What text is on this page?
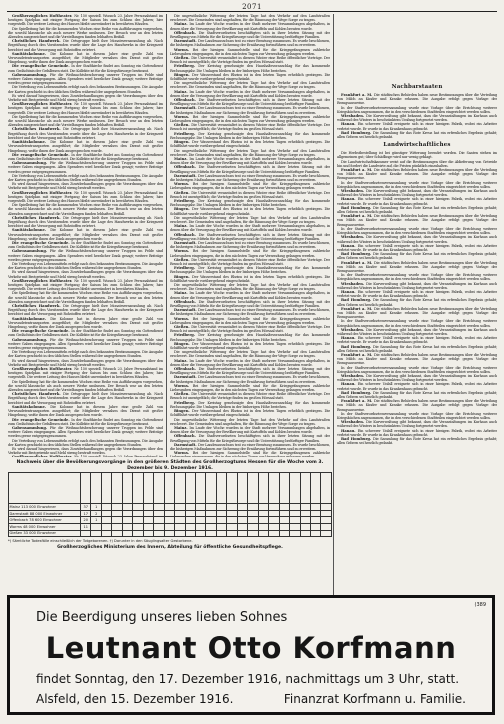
2071
Großherzogliches Hoftheater. Nr. 150 speziell. Wunsch 23. Jahre Personalstand im heutigen Spielplan mit einiger Fortgang der Saison bis zum Schluss des Jahres; hier vorgestellt. Die weitere Leitung des Hauses bleibt unverändert in bewährten Händen.
Die Spielleitung hat für die kommenden Wochen eine Reihe von Aufführungen vorgesehen, die sowohl klassische als auch neuere Werke umfassen. Der Besuch war an den letzten Abenden ausgezeichnet und die Vorstellungen fanden lebhaften Beifall.
Christliches Handwerk. Die Ortsgruppe hielt ihre Monatsversammlung ab. Nach Begrüßung durch den Vorsitzenden wurde über die Lage des Handwerks in der Kriegszeit berichtet und die Versorgung mit Rohstoffen erörtert.
Sanitätskolonne. Die Kolonne hat in diesem Jahre eine große Zahl von Verwundetentransporten ausgeführt; die Mitglieder versahen den Dienst mit großer Hingebung, wofür ihnen der Dank ausgesprochen wurde.
Die evangelische Gemeinde. In der Stadtkirche findet am Sonntag ein Gottesdienst zum Gedächtnis der Gefallenen statt. Die Kollekte ist für die Kriegsfürsorge bestimmt.
Gabensammlung. Für die Weihnachtsbescherung unserer Truppen im Felde sind weitere Gaben eingegangen. Allen Spendern wird herzlicher Dank gesagt; weitere Beiträge werden gerne entgegengenommen.
Die Verteilung von Lebensmitteln erfolgt nach den bekannten Bestimmungen. Die Ausgabe der Karten geschieht in den üblichen Stellen während der angegebenen Stunden.
Es wird darauf hingewiesen, dass Zuwiderhandlungen gegen die Verordnungen über den Verkehr mit Brotgetreide und Mehl streng bestraft werden.
Großherzogliches Hoftheater. Nr. 150 speziell. Wunsch 23. Jahre Personalstand im heutigen Spielplan mit einiger Fortgang der Saison bis zum Schluss des Jahres; hier vorgestellt. Die weitere Leitung des Hauses bleibt unverändert in bewährten Händen.
Die Spielleitung hat für die kommenden Wochen eine Reihe von Aufführungen vorgesehen, die sowohl klassische als auch neuere Werke umfassen. Der Besuch war an den letzten Abenden ausgezeichnet und die Vorstellungen fanden lebhaften Beifall.
Christliches Handwerk. Die Ortsgruppe hielt ihre Monatsversammlung ab. Nach Begrüßung durch den Vorsitzenden wurde über die Lage des Handwerks in der Kriegszeit berichtet und die Versorgung mit Rohstoffen erörtert.
Sanitätskolonne. Die Kolonne hat in diesem Jahre eine große Zahl von Verwundetentransporten ausgeführt; die Mitglieder versahen den Dienst mit großer Hingebung, wofür ihnen der Dank ausgesprochen wurde.
Die evangelische Gemeinde. In der Stadtkirche findet am Sonntag ein Gottesdienst zum Gedächtnis der Gefallenen statt. Die Kollekte ist für die Kriegsfürsorge bestimmt.
Gabensammlung. Für die Weihnachtsbescherung unserer Truppen im Felde sind weitere Gaben eingegangen. Allen Spendern wird herzlicher Dank gesagt; weitere Beiträge werden gerne entgegengenommen.
Die Verteilung von Lebensmitteln erfolgt nach den bekannten Bestimmungen. Die Ausgabe der Karten geschieht in den üblichen Stellen während der angegebenen Stunden.
Es wird darauf hingewiesen, dass Zuwiderhandlungen gegen die Verordnungen über den Verkehr mit Brotgetreide und Mehl streng bestraft werden.
Großherzogliches Hoftheater. Nr. 150 speziell. Wunsch 23. Jahre Personalstand im heutigen Spielplan mit einiger Fortgang der Saison bis zum Schluss des Jahres; hier vorgestellt. Die weitere Leitung des Hauses bleibt unverändert in bewährten Händen.
Die Spielleitung hat für die kommenden Wochen eine Reihe von Aufführungen vorgesehen, die sowohl klassische als auch neuere Werke umfassen. Der Besuch war an den letzten Abenden ausgezeichnet und die Vorstellungen fanden lebhaften Beifall.
Christliches Handwerk. Die Ortsgruppe hielt ihre Monatsversammlung ab. Nach Begrüßung durch den Vorsitzenden wurde über die Lage des Handwerks in der Kriegszeit berichtet und die Versorgung mit Rohstoffen erörtert.
Sanitätskolonne. Die Kolonne hat in diesem Jahre eine große Zahl von Verwundetentransporten ausgeführt; die Mitglieder versahen den Dienst mit großer Hingebung, wofür ihnen der Dank ausgesprochen wurde.
Die evangelische Gemeinde. In der Stadtkirche findet am Sonntag ein Gottesdienst zum Gedächtnis der Gefallenen statt. Die Kollekte ist für die Kriegsfürsorge bestimmt.
Gabensammlung. Für die Weihnachtsbescherung unserer Truppen im Felde sind weitere Gaben eingegangen. Allen Spendern wird herzlicher Dank gesagt; weitere Beiträge werden gerne entgegengenommen.
Die Verteilung von Lebensmitteln erfolgt nach den bekannten Bestimmungen. Die Ausgabe der Karten geschieht in den üblichen Stellen während der angegebenen Stunden.
Es wird darauf hingewiesen, dass Zuwiderhandlungen gegen die Verordnungen über den Verkehr mit Brotgetreide und Mehl streng bestraft werden.
Großherzogliches Hoftheater. Nr. 150 speziell. Wunsch 23. Jahre Personalstand im heutigen Spielplan mit einiger Fortgang der Saison bis zum Schluss des Jahres; hier vorgestellt. Die weitere Leitung des Hauses bleibt unverändert in bewährten Händen.
Die Spielleitung hat für die kommenden Wochen eine Reihe von Aufführungen vorgesehen, die sowohl klassische als auch neuere Werke umfassen. Der Besuch war an den letzten Abenden ausgezeichnet und die Vorstellungen fanden lebhaften Beifall.
Christliches Handwerk. Die Ortsgruppe hielt ihre Monatsversammlung ab. Nach Begrüßung durch den Vorsitzenden wurde über die Lage des Handwerks in der Kriegszeit berichtet und die Versorgung mit Rohstoffen erörtert.
Sanitätskolonne. Die Kolonne hat in diesem Jahre eine große Zahl von Verwundetentransporten ausgeführt; die Mitglieder versahen den Dienst mit großer Hingebung, wofür ihnen der Dank ausgesprochen wurde.
Die evangelische Gemeinde. In der Stadtkirche findet am Sonntag ein Gottesdienst zum Gedächtnis der Gefallenen statt. Die Kollekte ist für die Kriegsfürsorge bestimmt.
Gabensammlung. Für die Weihnachtsbescherung unserer Truppen im Felde sind weitere Gaben eingegangen. Allen Spendern wird herzlicher Dank gesagt; weitere Beiträge werden gerne entgegengenommen.
Die Verteilung von Lebensmitteln erfolgt nach den bekannten Bestimmungen. Die Ausgabe der Karten geschieht in den üblichen Stellen während der angegebenen Stunden.
Es wird darauf hingewiesen, dass Zuwiderhandlungen gegen die Verordnungen über den Verkehr mit Brotgetreide und Mehl streng bestraft werden.
Großherzogliches Hoftheater. Nr. 150 speziell. Wunsch 23. Jahre Personalstand im heutigen Spielplan mit einiger Fortgang der Saison bis zum Schluss des Jahres; hier vorgestellt. Die weitere Leitung des Hauses bleibt unverändert in bewährten Händen.
Die Spielleitung hat für die kommenden Wochen eine Reihe von Aufführungen vorgesehen, die sowohl klassische als auch neuere Werke umfassen. Der Besuch war an den letzten Abenden ausgezeichnet und die Vorstellungen fanden lebhaften Beifall.
Christliches Handwerk. Die Ortsgruppe hielt ihre Monatsversammlung ab. Nach Begrüßung durch den Vorsitzenden wurde über die Lage des Handwerks in der Kriegszeit berichtet und die Versorgung mit Rohstoffen erörtert.
Sanitätskolonne. Die Kolonne hat in diesem Jahre eine große Zahl von Verwundetentransporten ausgeführt; die Mitglieder versahen den Dienst mit großer Hingebung, wofür ihnen der Dank ausgesprochen wurde.
Die evangelische Gemeinde. In der Stadtkirche findet am Sonntag ein Gottesdienst zum Gedächtnis der Gefallenen statt. Die Kollekte ist für die Kriegsfürsorge bestimmt.
Gabensammlung. Für die Weihnachtsbescherung unserer Truppen im Felde sind weitere Gaben eingegangen. Allen Spendern wird herzlicher Dank gesagt; weitere Beiträge werden gerne entgegengenommen.
Die Verteilung von Lebensmitteln erfolgt nach den bekannten Bestimmungen. Die Ausgabe der Karten geschieht in den üblichen Stellen während der angegebenen Stunden.
Es wird darauf hingewiesen, dass Zuwiderhandlungen gegen die Verordnungen über den Verkehr mit Brotgetreide und Mehl streng bestraft werden.
Die ungewöhnliche Witterung der letzten Tage hat den Verkehr auf den Landstraßen erschwert. Die Gemeinden sind angehalten, für die Räumung der Wege Sorge zu tragen.
Mainz. Im Laufe der Woche wurden in der Stadt mehrere Versammlungen abgehalten, in denen über die Versorgung der Bevölkerung mit Kartoffeln und Kohlen beraten wurde.
Offenbach. Die Stadtverordneten beschäftigten sich in ihrer letzten Sitzung mit der Bewilligung von Mitteln für die Kriegsfürsorge und die Unterstützung bedürftiger Familien.
Darmstadt. Der Landesausschuss trat zu einer Beratung zusammen. Es wurde beschlossen, die bisherigen Maßnahmen zur Sicherung der Ernährung fortzuführen und zu erweitern.
Worms. Bei der hiesigen Sammelstelle sind für die Kriegsgefangenen zahlreiche Liebesgaben eingegangen, die in den nächsten Tagen zur Versendung gelangen werden.
Gießen. Die Universität veranstaltet in diesem Winter eine Reihe öffentlicher Vorträge. Der Besuch ist unentgeltlich; die Vorträge finden im großen Hörsaal statt.
Friedberg. Der Kreistag genehmigte den Haushaltsvoranschlag für das kommende Rechnungsjahr. Die Umlagen bleiben in der bisherigen Höhe bestehen.
Bingen. Der Wasserstand des Rheins ist in den letzten Tagen erheblich gestiegen. Die Schifffahrt wurde vorübergehend eingeschränkt.
Die ungewöhnliche Witterung der letzten Tage hat den Verkehr auf den Landstraßen erschwert. Die Gemeinden sind angehalten, für die Räumung der Wege Sorge zu tragen.
Mainz. Im Laufe der Woche wurden in der Stadt mehrere Versammlungen abgehalten, in denen über die Versorgung der Bevölkerung mit Kartoffeln und Kohlen beraten wurde.
Offenbach. Die Stadtverordneten beschäftigten sich in ihrer letzten Sitzung mit der Bewilligung von Mitteln für die Kriegsfürsorge und die Unterstützung bedürftiger Familien.
Darmstadt. Der Landesausschuss trat zu einer Beratung zusammen. Es wurde beschlossen, die bisherigen Maßnahmen zur Sicherung der Ernährung fortzuführen und zu erweitern.
Worms. Bei der hiesigen Sammelstelle sind für die Kriegsgefangenen zahlreiche Liebesgaben eingegangen, die in den nächsten Tagen zur Versendung gelangen werden.
Gießen. Die Universität veranstaltet in diesem Winter eine Reihe öffentlicher Vorträge. Der Besuch ist unentgeltlich; die Vorträge finden im großen Hörsaal statt.
Friedberg. Der Kreistag genehmigte den Haushaltsvoranschlag für das kommende Rechnungsjahr. Die Umlagen bleiben in der bisherigen Höhe bestehen.
Bingen. Der Wasserstand des Rheins ist in den letzten Tagen erheblich gestiegen. Die Schifffahrt wurde vorübergehend eingeschränkt.
Die ungewöhnliche Witterung der letzten Tage hat den Verkehr auf den Landstraßen erschwert. Die Gemeinden sind angehalten, für die Räumung der Wege Sorge zu tragen.
Mainz. Im Laufe der Woche wurden in der Stadt mehrere Versammlungen abgehalten, in denen über die Versorgung der Bevölkerung mit Kartoffeln und Kohlen beraten wurde.
Offenbach. Die Stadtverordneten beschäftigten sich in ihrer letzten Sitzung mit der Bewilligung von Mitteln für die Kriegsfürsorge und die Unterstützung bedürftiger Familien.
Darmstadt. Der Landesausschuss trat zu einer Beratung zusammen. Es wurde beschlossen, die bisherigen Maßnahmen zur Sicherung der Ernährung fortzuführen und zu erweitern.
Worms. Bei der hiesigen Sammelstelle sind für die Kriegsgefangenen zahlreiche Liebesgaben eingegangen, die in den nächsten Tagen zur Versendung gelangen werden.
Gießen. Die Universität veranstaltet in diesem Winter eine Reihe öffentlicher Vorträge. Der Besuch ist unentgeltlich; die Vorträge finden im großen Hörsaal statt.
Friedberg. Der Kreistag genehmigte den Haushaltsvoranschlag für das kommende Rechnungsjahr. Die Umlagen bleiben in der bisherigen Höhe bestehen.
Bingen. Der Wasserstand des Rheins ist in den letzten Tagen erheblich gestiegen. Die Schifffahrt wurde vorübergehend eingeschränkt.
Die ungewöhnliche Witterung der letzten Tage hat den Verkehr auf den Landstraßen erschwert. Die Gemeinden sind angehalten, für die Räumung der Wege Sorge zu tragen.
Mainz. Im Laufe der Woche wurden in der Stadt mehrere Versammlungen abgehalten, in denen über die Versorgung der Bevölkerung mit Kartoffeln und Kohlen beraten wurde.
Offenbach. Die Stadtverordneten beschäftigten sich in ihrer letzten Sitzung mit der Bewilligung von Mitteln für die Kriegsfürsorge und die Unterstützung bedürftiger Familien.
Darmstadt. Der Landesausschuss trat zu einer Beratung zusammen. Es wurde beschlossen, die bisherigen Maßnahmen zur Sicherung der Ernährung fortzuführen und zu erweitern.
Worms. Bei der hiesigen Sammelstelle sind für die Kriegsgefangenen zahlreiche Liebesgaben eingegangen, die in den nächsten Tagen zur Versendung gelangen werden.
Gießen. Die Universität veranstaltet in diesem Winter eine Reihe öffentlicher Vorträge. Der Besuch ist unentgeltlich; die Vorträge finden im großen Hörsaal statt.
Friedberg. Der Kreistag genehmigte den Haushaltsvoranschlag für das kommende Rechnungsjahr. Die Umlagen bleiben in der bisherigen Höhe bestehen.
Bingen. Der Wasserstand des Rheins ist in den letzten Tagen erheblich gestiegen. Die Schifffahrt wurde vorübergehend eingeschränkt.
Die ungewöhnliche Witterung der letzten Tage hat den Verkehr auf den Landstraßen erschwert. Die Gemeinden sind angehalten, für die Räumung der Wege Sorge zu tragen.
Mainz. Im Laufe der Woche wurden in der Stadt mehrere Versammlungen abgehalten, in denen über die Versorgung der Bevölkerung mit Kartoffeln und Kohlen beraten wurde.
Offenbach. Die Stadtverordneten beschäftigten sich in ihrer letzten Sitzung mit der Bewilligung von Mitteln für die Kriegsfürsorge und die Unterstützung bedürftiger Familien.
Darmstadt. Der Landesausschuss trat zu einer Beratung zusammen. Es wurde beschlossen, die bisherigen Maßnahmen zur Sicherung der Ernährung fortzuführen und zu erweitern.
Worms. Bei der hiesigen Sammelstelle sind für die Kriegsgefangenen zahlreiche Liebesgaben eingegangen, die in den nächsten Tagen zur Versendung gelangen werden.
Gießen. Die Universität veranstaltet in diesem Winter eine Reihe öffentlicher Vorträge. Der Besuch ist unentgeltlich; die Vorträge finden im großen Hörsaal statt.
Friedberg. Der Kreistag genehmigte den Haushaltsvoranschlag für das kommende Rechnungsjahr. Die Umlagen bleiben in der bisherigen Höhe bestehen.
Bingen. Der Wasserstand des Rheins ist in den letzten Tagen erheblich gestiegen. Die Schifffahrt wurde vorübergehend eingeschränkt.
Die ungewöhnliche Witterung der letzten Tage hat den Verkehr auf den Landstraßen erschwert. Die Gemeinden sind angehalten, für die Räumung der Wege Sorge zu tragen.
Mainz. Im Laufe der Woche wurden in der Stadt mehrere Versammlungen abgehalten, in denen über die Versorgung der Bevölkerung mit Kartoffeln und Kohlen beraten wurde.
Offenbach. Die Stadtverordneten beschäftigten sich in ihrer letzten Sitzung mit der Bewilligung von Mitteln für die Kriegsfürsorge und die Unterstützung bedürftiger Familien.
Darmstadt. Der Landesausschuss trat zu einer Beratung zusammen. Es wurde beschlossen, die bisherigen Maßnahmen zur Sicherung der Ernährung fortzuführen und zu erweitern.
Worms. Bei der hiesigen Sammelstelle sind für die Kriegsgefangenen zahlreiche Liebesgaben eingegangen, die in den nächsten Tagen zur Versendung gelangen werden.
Gießen. Die Universität veranstaltet in diesem Winter eine Reihe öffentlicher Vorträge. Der Besuch ist unentgeltlich; die Vorträge finden im großen Hörsaal statt.
Friedberg. Der Kreistag genehmigte den Haushaltsvoranschlag für das kommende Rechnungsjahr. Die Umlagen bleiben in der bisherigen Höhe bestehen.
Bingen. Der Wasserstand des Rheins ist in den letzten Tagen erheblich gestiegen. Die Schifffahrt wurde vorübergehend eingeschränkt.
Die ungewöhnliche Witterung der letzten Tage hat den Verkehr auf den Landstraßen erschwert. Die Gemeinden sind angehalten, für die Räumung der Wege Sorge zu tragen.
Mainz. Im Laufe der Woche wurden in der Stadt mehrere Versammlungen abgehalten, in denen über die Versorgung der Bevölkerung mit Kartoffeln und Kohlen beraten wurde.
Offenbach. Die Stadtverordneten beschäftigten sich in ihrer letzten Sitzung mit der Bewilligung von Mitteln für die Kriegsfürsorge und die Unterstützung bedürftiger Familien.
Darmstadt. Der Landesausschuss trat zu einer Beratung zusammen. Es wurde beschlossen, die bisherigen Maßnahmen zur Sicherung der Ernährung fortzuführen und zu erweitern.
Worms. Bei der hiesigen Sammelstelle sind für die Kriegsgefangenen zahlreiche
Nachbarstaaten
Frankfurt a. M. Die städtischen Behörden haben neue Bestimmungen über die Verteilung von Milch an Kinder und Kranke erlassen. Die Ausgabe erfolgt gegen Vorlage der Bezugsausweise.
In der Stadtverordnetenversammlung wurde eine Vorlage über die Errichtung weiterer Kriegsküchen angenommen, die in den verschiedenen Stadtteilen eingerichtet werden sollen.
Wiesbaden. Die Kurverwaltung gibt bekannt, dass die Veranstaltungen im Kurhaus auch während des Winters in beschränktem Umfang fortgesetzt werden.
Hanau. Ein schwerer Unfall ereignete sich in einer hiesigen Fabrik, wobei ein Arbeiter verletzt wurde. Er wurde in das Krankenhaus gebracht.
Bad Homburg. Die Sammlung für das Rote Kreuz hat ein erfreuliches Ergebnis gehabt; allen Gebern sei herzlich gedankt.
Landwirtschaftliches
Die Herbstbestellung ist bei günstiger Witterung beendet worden. Die Saaten stehen im allgemeinen gut; über Schädlinge wird nur wenig geklagt.
Die Landwirtschaftskammer weist auf die Bestimmungen über die Ablieferung von Getreide hin und fordert die Landwirte auf, die Fristen pünktlich einzuhalten.
Frankfurt a. M. Die städtischen Behörden haben neue Bestimmungen über die Verteilung von Milch an Kinder und Kranke erlassen. Die Ausgabe erfolgt gegen Vorlage der Bezugsausweise.
In der Stadtverordnetenversammlung wurde eine Vorlage über die Errichtung weiterer Kriegsküchen angenommen, die in den verschiedenen Stadtteilen eingerichtet werden sollen.
Wiesbaden. Die Kurverwaltung gibt bekannt, dass die Veranstaltungen im Kurhaus auch während des Winters in beschränktem Umfang fortgesetzt werden.
Hanau. Ein schwerer Unfall ereignete sich in einer hiesigen Fabrik, wobei ein Arbeiter verletzt wurde. Er wurde in das Krankenhaus gebracht.
Bad Homburg. Die Sammlung für das Rote Kreuz hat ein erfreuliches Ergebnis gehabt; allen Gebern sei herzlich gedankt.
Frankfurt a. M. Die städtischen Behörden haben neue Bestimmungen über die Verteilung von Milch an Kinder und Kranke erlassen. Die Ausgabe erfolgt gegen Vorlage der Bezugsausweise.
In der Stadtverordnetenversammlung wurde eine Vorlage über die Errichtung weiterer Kriegsküchen angenommen, die in den verschiedenen Stadtteilen eingerichtet werden sollen.
Wiesbaden. Die Kurverwaltung gibt bekannt, dass die Veranstaltungen im Kurhaus auch während des Winters in beschränktem Umfang fortgesetzt werden.
Hanau. Ein schwerer Unfall ereignete sich in einer hiesigen Fabrik, wobei ein Arbeiter verletzt wurde. Er wurde in das Krankenhaus gebracht.
Bad Homburg. Die Sammlung für das Rote Kreuz hat ein erfreuliches Ergebnis gehabt; allen Gebern sei herzlich gedankt.
Frankfurt a. M. Die städtischen Behörden haben neue Bestimmungen über die Verteilung von Milch an Kinder und Kranke erlassen. Die Ausgabe erfolgt gegen Vorlage der Bezugsausweise.
In der Stadtverordnetenversammlung wurde eine Vorlage über die Errichtung weiterer Kriegsküchen angenommen, die in den verschiedenen Stadtteilen eingerichtet werden sollen.
Wiesbaden. Die Kurverwaltung gibt bekannt, dass die Veranstaltungen im Kurhaus auch während des Winters in beschränktem Umfang fortgesetzt werden.
Hanau. Ein schwerer Unfall ereignete sich in einer hiesigen Fabrik, wobei ein Arbeiter verletzt wurde. Er wurde in das Krankenhaus gebracht.
Bad Homburg. Die Sammlung für das Rote Kreuz hat ein erfreuliches Ergebnis gehabt; allen Gebern sei herzlich gedankt.
Frankfurt a. M. Die städtischen Behörden haben neue Bestimmungen über die Verteilung von Milch an Kinder und Kranke erlassen. Die Ausgabe erfolgt gegen Vorlage der Bezugsausweise.
In der Stadtverordnetenversammlung wurde eine Vorlage über die Errichtung weiterer Kriegsküchen angenommen, die in den verschiedenen Stadtteilen eingerichtet werden sollen.
Wiesbaden. Die Kurverwaltung gibt bekannt, dass die Veranstaltungen im Kurhaus auch während des Winters in beschränktem Umfang fortgesetzt werden.
Hanau. Ein schwerer Unfall ereignete sich in einer hiesigen Fabrik, wobei ein Arbeiter verletzt wurde. Er wurde in das Krankenhaus gebracht.
Bad Homburg. Die Sammlung für das Rote Kreuz hat ein erfreuliches Ergebnis gehabt; allen Gebern sei herzlich gedankt.
Frankfurt a. M. Die städtischen Behörden haben neue Bestimmungen über die Verteilung von Milch an Kinder und Kranke erlassen. Die Ausgabe erfolgt gegen Vorlage der Bezugsausweise.
In der Stadtverordnetenversammlung wurde eine Vorlage über die Errichtung weiterer Kriegsküchen angenommen, die in den verschiedenen Stadtteilen eingerichtet werden sollen.
Wiesbaden. Die Kurverwaltung gibt bekannt, dass die Veranstaltungen im Kurhaus auch während des Winters in beschränktem Umfang fortgesetzt werden.
Hanau. Ein schwerer Unfall ereignete sich in einer hiesigen Fabrik, wobei ein Arbeiter verletzt wurde. Er wurde in das Krankenhaus gebracht.
Bad Homburg. Die Sammlung für das Rote Kreuz hat ein erfreuliches Ergebnis gehabt; allen Gebern sei herzlich gedankt.
Frankfurt a. M. Die städtischen Behörden haben neue Bestimmungen über die Verteilung von Milch an Kinder und Kranke erlassen. Die Ausgabe erfolgt gegen Vorlage der Bezugsausweise.
In der Stadtverordnetenversammlung wurde eine Vorlage über die Errichtung weiterer Kriegsküchen angenommen, die in den verschiedenen Stadtteilen eingerichtet werden sollen.
Wiesbaden. Die Kurverwaltung gibt bekannt, dass die Veranstaltungen im Kurhaus auch während des Winters in beschränktem Umfang fortgesetzt werden.
Hanau. Ein schwerer Unfall ereignete sich in einer hiesigen Fabrik, wobei ein Arbeiter verletzt wurde. Er wurde in das Krankenhaus gebracht.
Bad Homburg. Die Sammlung für das Rote Kreuz hat ein erfreuliches Ergebnis gehabt; allen Gebern sei herzlich gedankt.
Nachweis über die Bevölkerungsvorgänge in den größeren Städten des Großherzogtums Hessen für die Woche vom 3. Dezember bis 9. Dezember 1916.

Mainz 113 000 Einwohner	37	1																						
Darmstadt 88 000 Einwohner	17	2																						
Offenbach 78 600 Einwohner	20	1																						
Worms 48 000 Einwohner	11																							
Gießen 33 000 Einwohner																								
*) Sämtliche Todesfälle einschließlich der Totgeborenen. †) Darunter in den Säuglingsalter Gestorbene.
Großherzogliches Ministerium des Innern, Abteilung für öffentliche Gesundheitspflege.
(389
Die Beerdigung unseres lieben Sohnes
Leutnant Otto Korfmann
findet Sonntag, den 17. Dezember 1916, nachmittags um 3 Uhr, statt.
Alsfeld, den 15. Dezember 1916.	Finanzrat Korfmann u. Familie.
